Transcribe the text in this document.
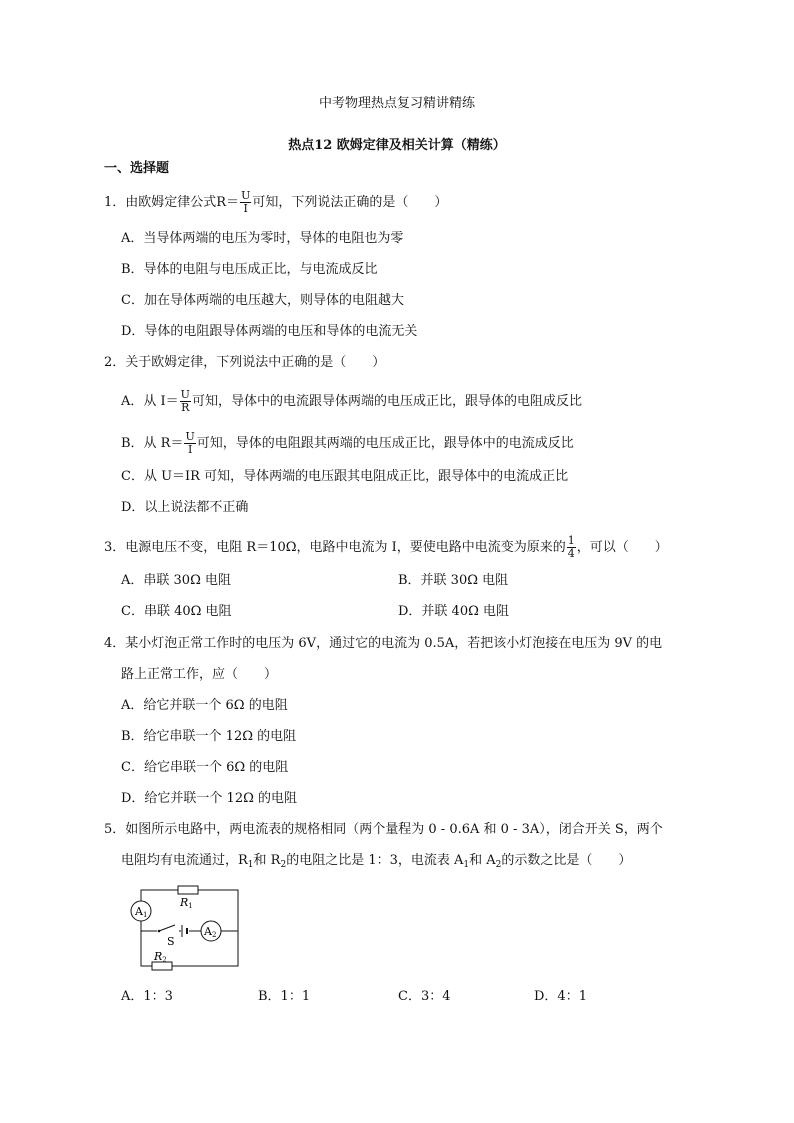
中考物理热点复习精讲精练
热点12 欧姆定律及相关计算（精练）
一、选择题
1．由欧姆定律公式$R= \frac{U}{I}$ 可知，下列说法正确的是（　　）
A．当导体两端的电压为零时，导体的电阻也为零
B．导体的电阻与电压成正比，与电流成反比
C．加在导体两端的电压越大，则导体的电阻越大
D．导体的电阻跟导体两端的电压和导体的电流无关
2．关于欧姆定律，下列说法中正确的是（　　）
A．从 $I= \frac{U}{R}$ 可知，导体中的电流跟导体两端的电压成正比，跟导体的电阻成反比
B．从 $R= \frac{U}{I}$ 可知，导体的电阻跟其两端的电压成正比，跟导体中的电流成反比
C．从 U＝IR 可知，导体两端的电压跟其电阻成正比，跟导体中的电流成正比
D．以上说法都不正确
3．电源电压不变，电阻 R＝10Ω，电路中电流为 I，要使电路中电流变为原来的 $\frac{1}{4}$ ，可以（　　）
A．串联 30Ω 电阻	B．并联 30Ω 电阻
C．串联 40Ω 电阻	D．并联 40Ω 电阻
4．某小灯泡正常工作时的电压为 6V，通过它的电流为 0.5A，若把该小灯泡接在电压为 9V 的电
路上正常工作，应（　　）
A．给它并联一个 6Ω 的电阻
B．给它串联一个 12Ω 的电阻
C．给它串联一个 6Ω 的电阻
D．给它并联一个 12Ω 的电阻
5．如图所示电路中，两电流表的规格相同（两个量程为 0 - 0.6A 和 0 - 3A），闭合开关 S，两个
电阻均有电流通过，$R_1$和 $R_2$的电阻之比是 1：3，电流表 $A_1$和 $A_2$的示数之比是（　　）
A1
A2
R1
R2
S
A．1：3	B．1：1	C．3：4	D．4：1
